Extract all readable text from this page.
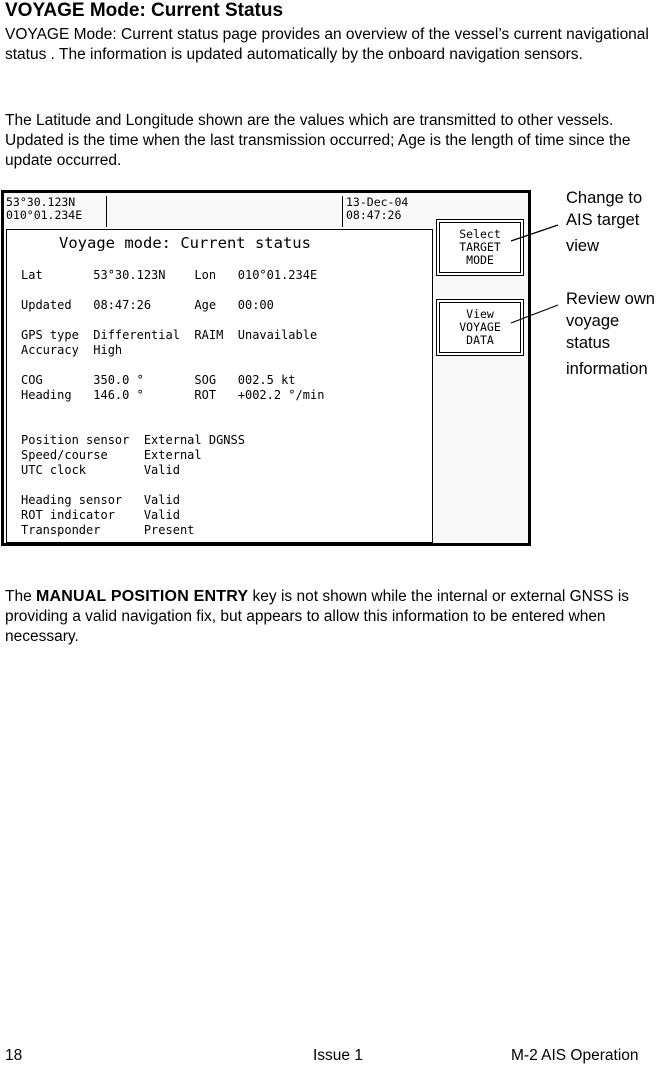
VOYAGE Mode: Current Status

VOYAGE Mode: Current status page provides an overview of the vessel’s current navigational status . The information is updated automatically by the onboard navigation sensors.

The Latitude and Longitude shown are the values which are transmitted to other vessels. Updated is the time when the last transmission occurred; Age is the length of time since the update occurred.

53°30.123N
010°01.234E
13-Dec-04
08:47:26
Voyage mode: Current status
Lat       53°30.123N    Lon   010°01.234E
Updated   08:47:26      Age   00:00
GPS type  Differential  RAIM  Unavailable
Accuracy  High
COG       350.0 °       SOG   002.5 kt
Heading   146.0 °       ROT   +002.2 °/min
Position sensor  External DGNSS
Speed/course     External
UTC clock        Valid
Heading sensor   Valid
ROT indicator    Valid
Transponder      Present
Select
TARGET
MODE
View
VOYAGE
DATA
Change to
AIS target
view
Review own
voyage
status
information

The MANUAL POSITION ENTRY key is not shown while the internal or external GNSS is providing a valid navigation fix, but appears to allow this information to be entered when necessary.

18	Issue 1	M-2 AIS Operation
